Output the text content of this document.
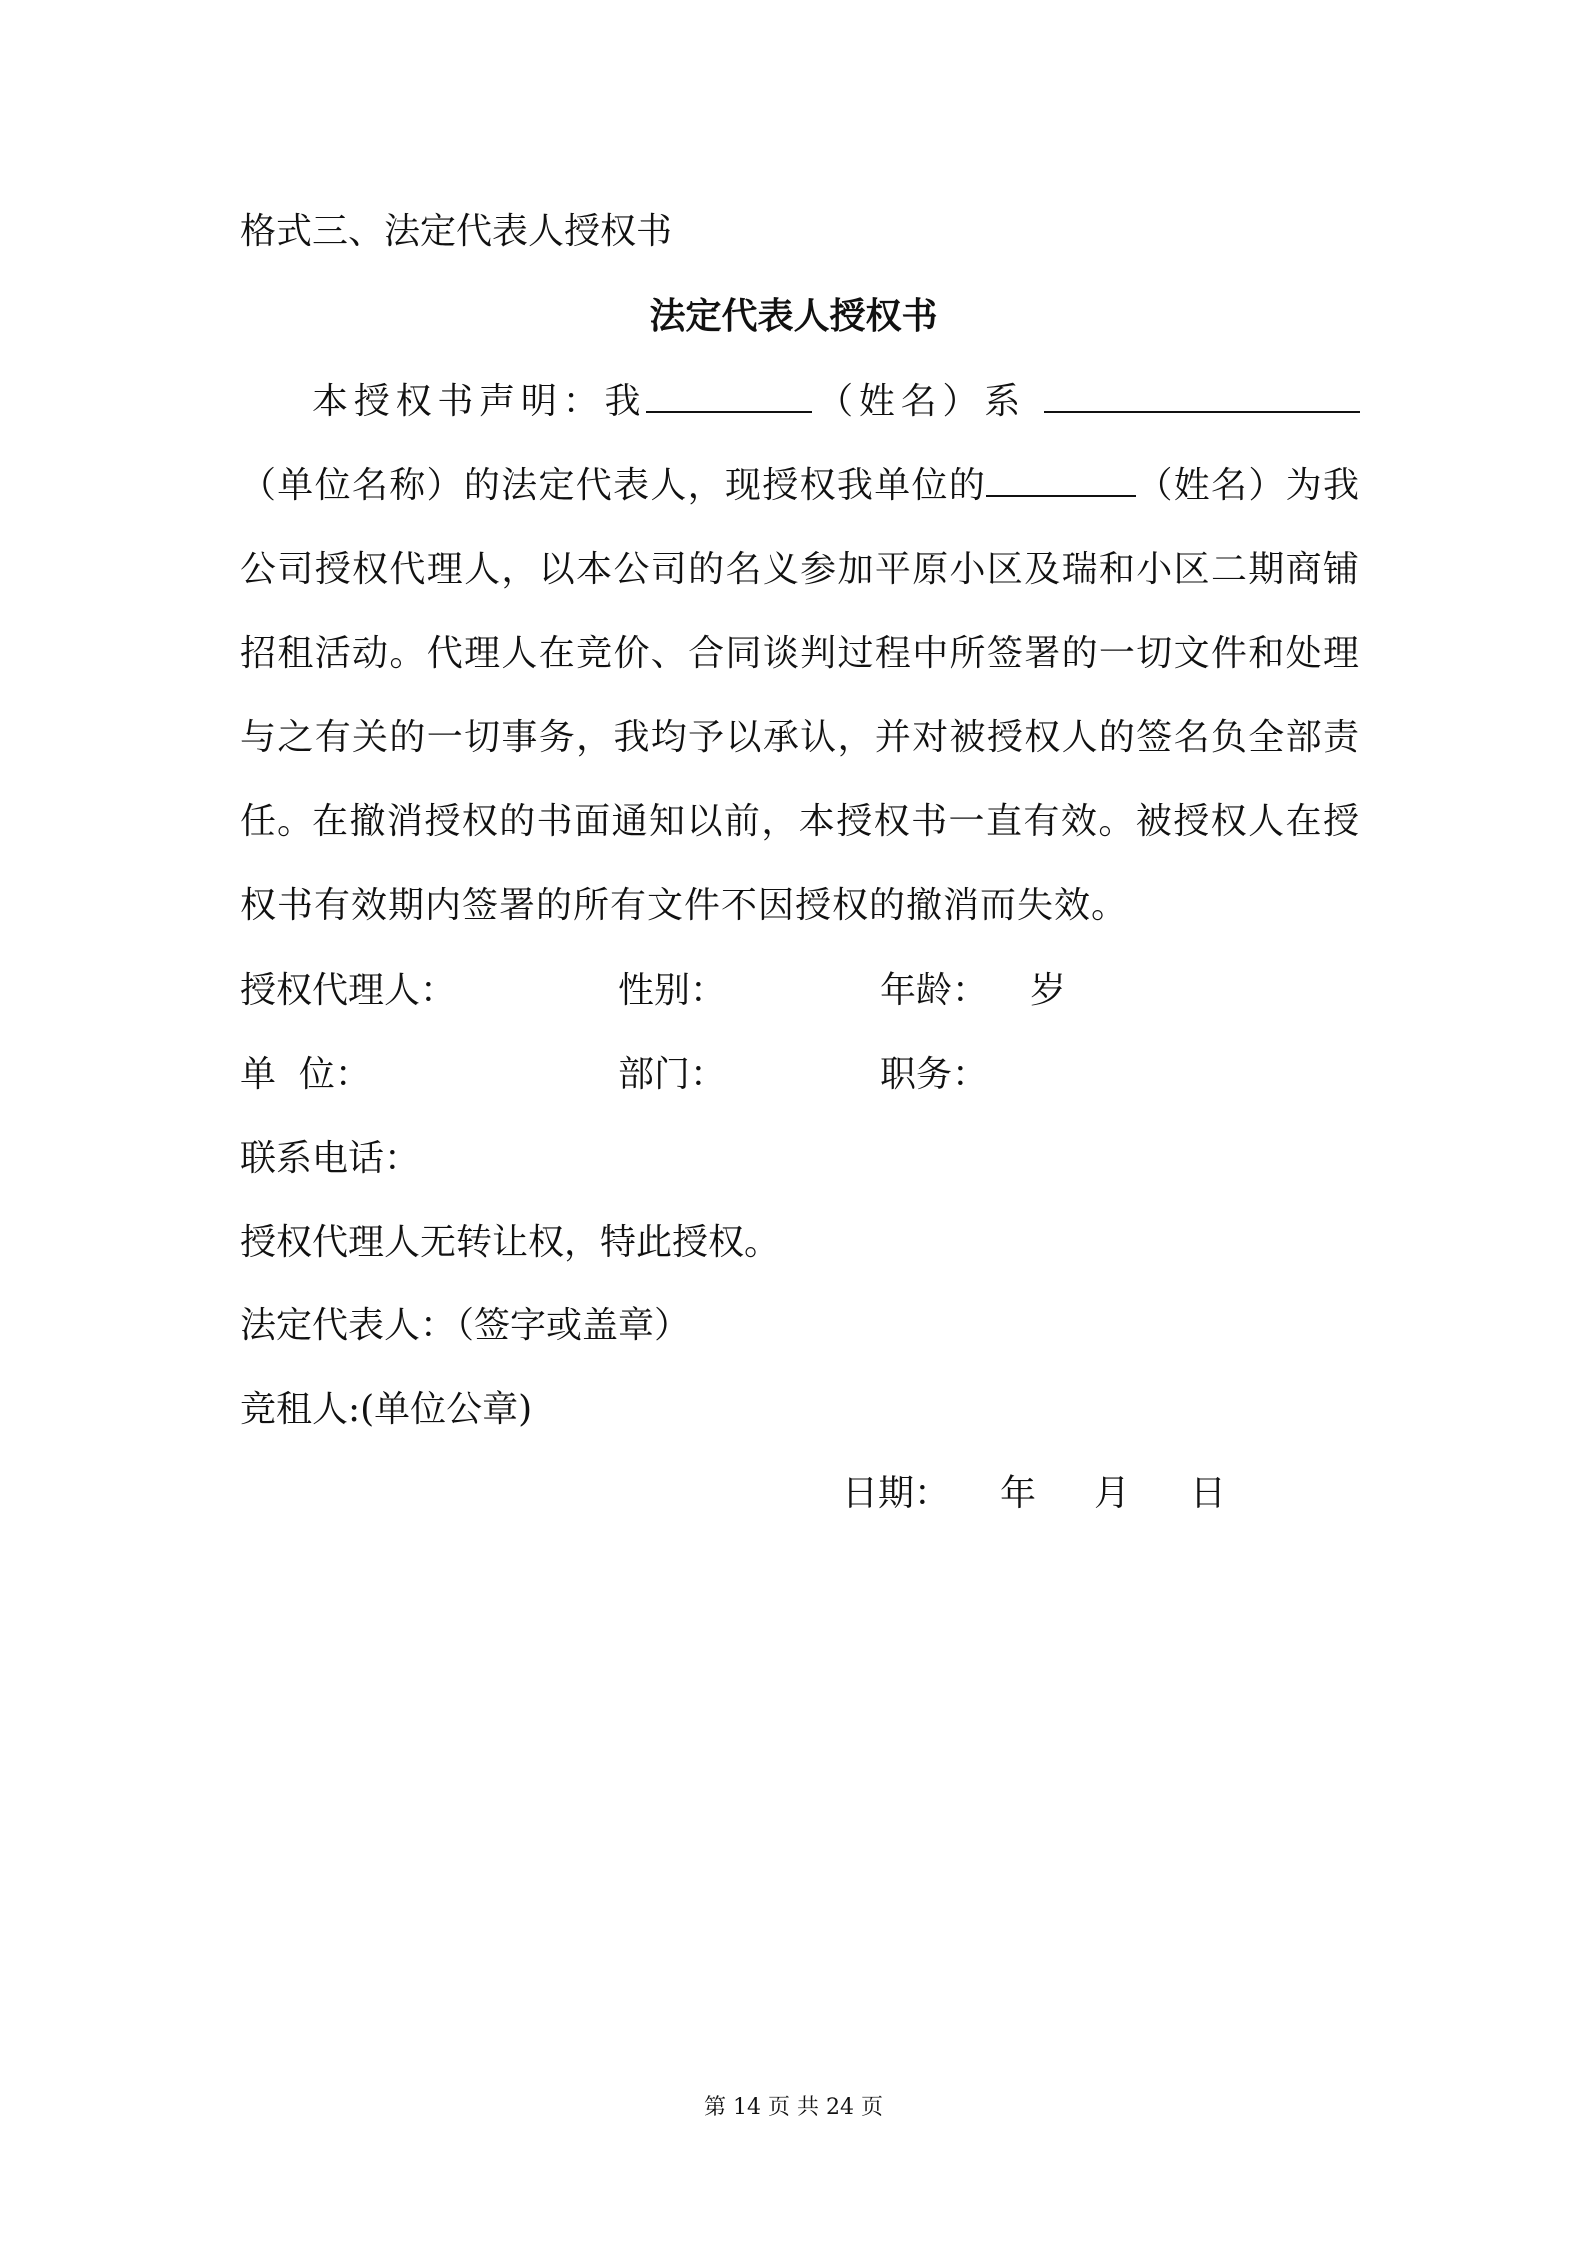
格式三、法定代表人授权书
法定代表人授权书
本授权书声明：我	（姓名）系（单位名称）的法定代表人，现授权我单位的	（姓名）为我公司授权代理人，以本公司的名义参加平原小区及瑞和小区二期商铺招租活动。代理人在竞价、合同谈判过程中所签署的一切文件和处理与之有关的一切事务，我均予以承认，并对被授权人的签名负全部责任。
在撤消授权的书面通知以前，本授权书一直有效。被授权人在授权书有效期内签署的所有文件不因授权的撤消而失效。
授权代理人：	性别：	年龄： 岁
单  位：	部门：	职务：
联系电话：
授权代理人无转让权，特此授权。
法定代表人：（签字或盖章）
竞租人:(单位公章)
日期： 年 月 日
第 14 页 共 24 页
